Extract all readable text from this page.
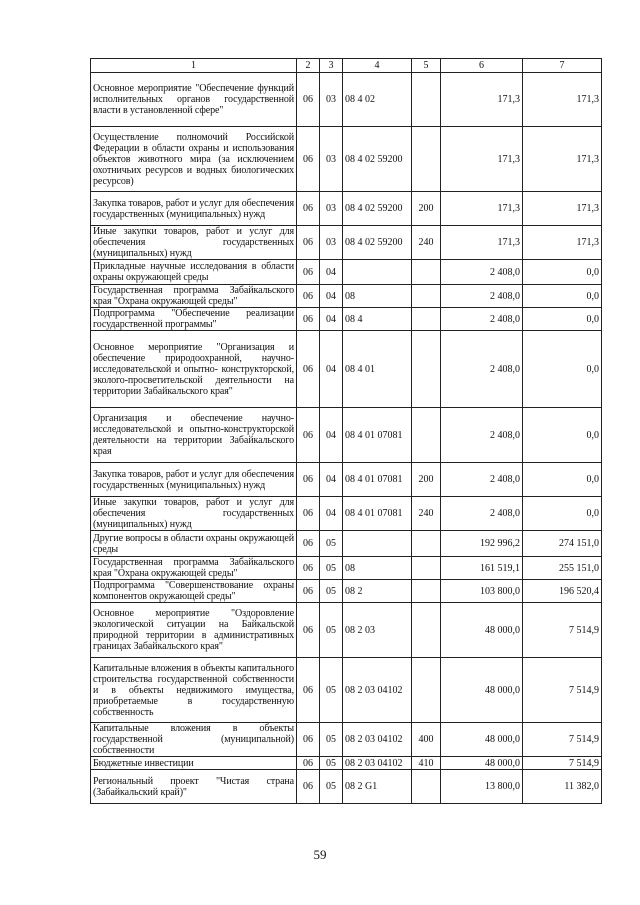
1	2	3	4	5	6	7
Основное мероприятие "Обеспечение функций исполнительных органов государственной власти в установленной сфере"	06	03	08 4 02		171,3	171,3
Осуществление полномочий Российской Федерации в области охраны и использования объектов животного мира (за исключением охотничьих ресурсов и водных биологических ресурсов)	06	03	08 4 02 59200		171,3	171,3
Закупка товаров, работ и услуг для обеспечения государственных (муниципальных) нужд	06	03	08 4 02 59200	200	171,3	171,3
Иные закупки товаров, работ и услуг для обеспечения государственных (муниципальных) нужд	06	03	08 4 02 59200	240	171,3	171,3
Прикладные научные исследования в области охраны окружающей среды	06	04			2 408,0	0,0
Государственная программа Забайкальского края "Охрана окружающей среды"	06	04	08		2 408,0	0,0
Подпрограмма "Обеспечение реализации государственной программы"	06	04	08 4		2 408,0	0,0
Основное мероприятие "Организация и обеспечение природоохранной, научно-исследовательской и опытно- конструкторской, эколого-просветительской деятельности на территории Забайкальского края"	06	04	08 4 01		2 408,0	0,0
Организация и обеспечение научно-исследовательской и опытно-конструкторской деятельности на территории Забайкальского края	06	04	08 4 01 07081		2 408,0	0,0
Закупка товаров, работ и услуг для обеспечения государственных (муниципальных) нужд	06	04	08 4 01 07081	200	2 408,0	0,0
Иные закупки товаров, работ и услуг для обеспечения государственных (муниципальных) нужд	06	04	08 4 01 07081	240	2 408,0	0,0
Другие вопросы в области охраны окружающей среды	06	05			192 996,2	274 151,0
Государственная программа Забайкальского края "Охрана окружающей среды"	06	05	08		161 519,1	255 151,0
Подпрограмма "Совершенствование охраны компонентов окружающей среды"	06	05	08 2		103 800,0	196 520,4
Основное мероприятие "Оздоровление экологической ситуации на Байкальской природной территории в административных границах Забайкальского края"	06	05	08 2 03		48 000,0	7 514,9
Капитальные вложения в объекты капитального строительства государственной собственности и в объекты недвижимого имущества, приобретаемые в государственную собственность	06	05	08 2 03 04102		48 000,0	7 514,9
Капитальные вложения в объекты государственной (муниципальной) собственности	06	05	08 2 03 04102	400	48 000,0	7 514,9
Бюджетные инвестиции	06	05	08 2 03 04102	410	48 000,0	7 514,9
Региональный проект "Чистая страна (Забайкальский край)"	06	05	08 2 G1		13 800,0	11 382,0
59
